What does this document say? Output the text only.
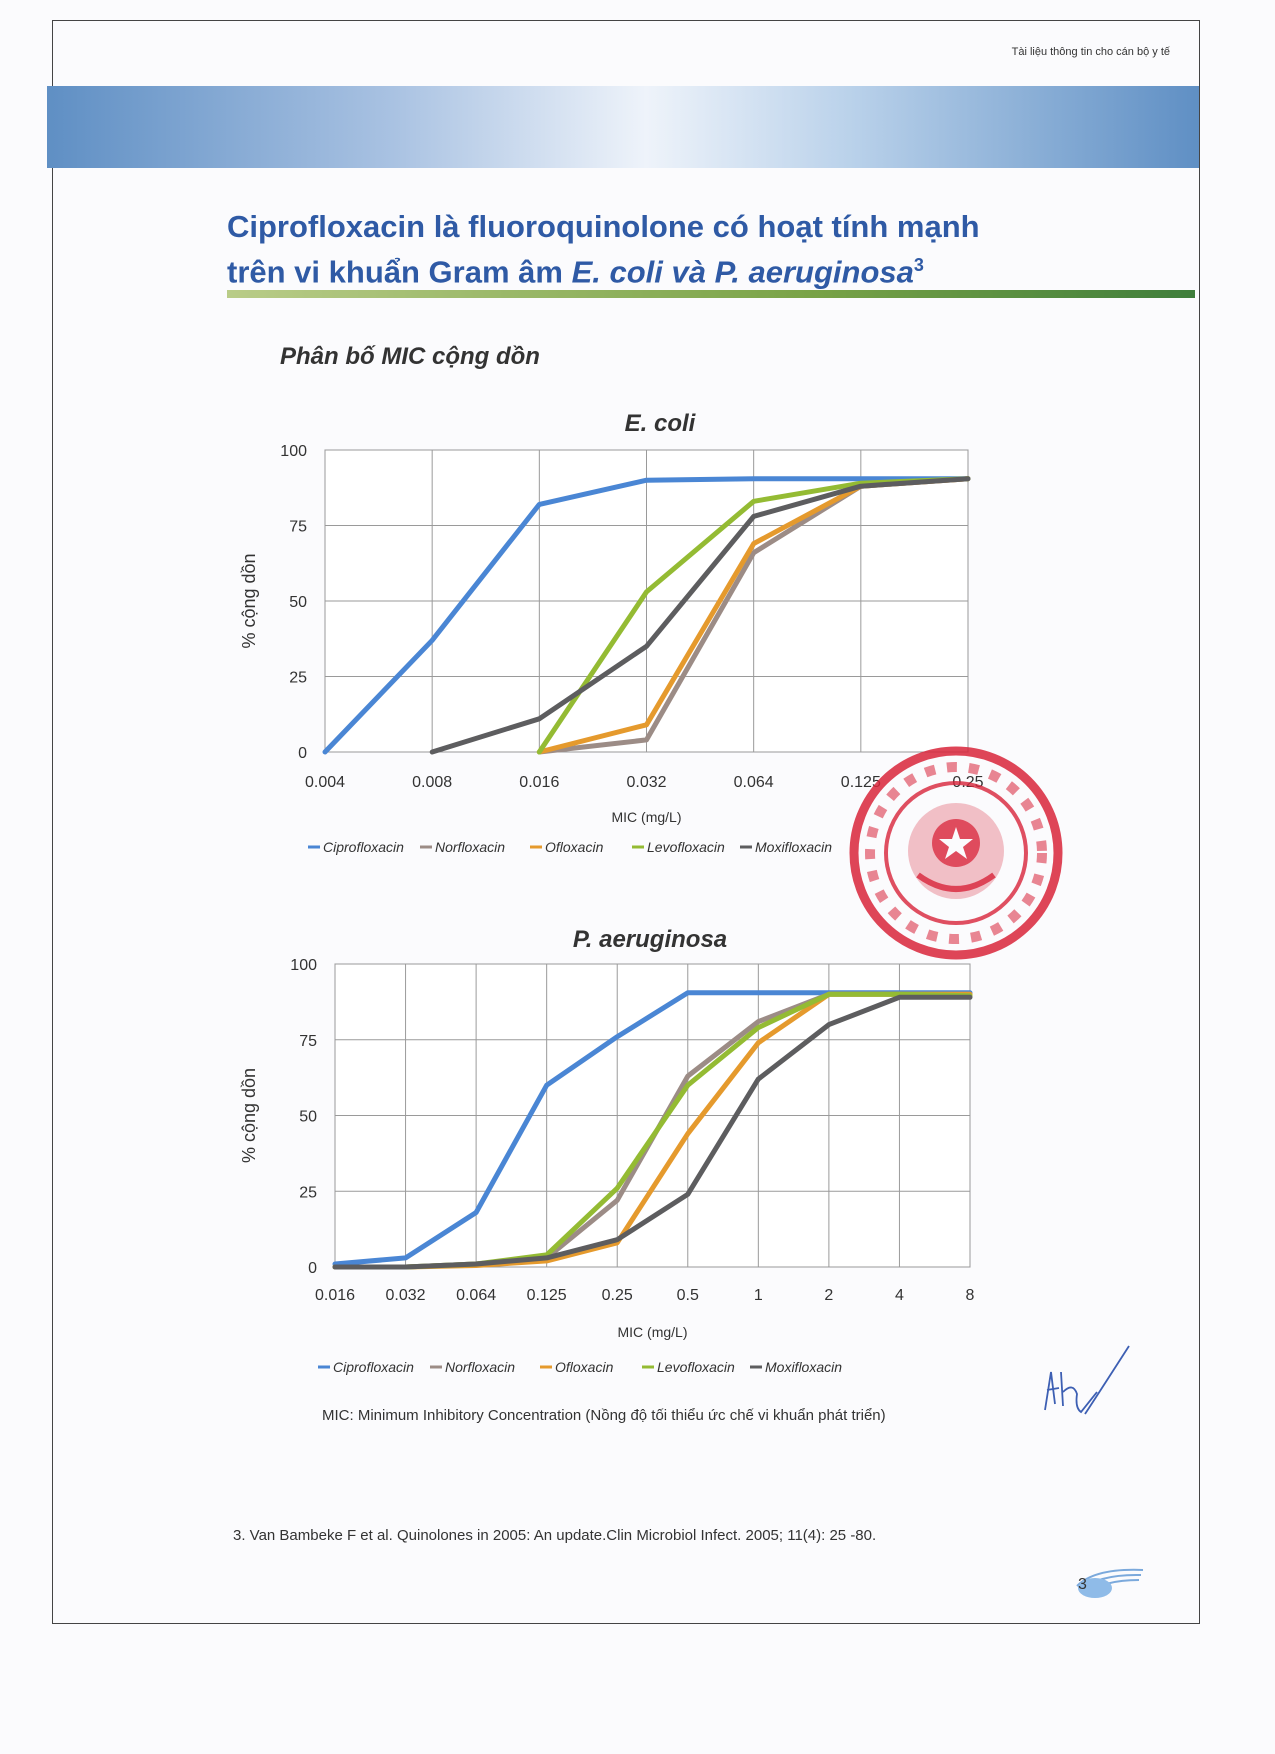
Tài liệu thông tin cho cán bộ y tế
Ciprofloxacin là fluoroquinolone có hoạt tính mạnh
trên vi khuẩn Gram âm E. coli và P. aeruginosa$^3$
Phân bố MIC cộng dồn
E. coli
P. aeruginosa
0
25
50
75
100
0.004	0.008	0.016	0.032	0.064	0.125	0.25
MIC (mg/L)
% cộng dồn
Ciprofloxacin Norfloxacin	Ofloxacin	Levofloxacin Moxifloxacin
0
25
50
75
100
0.016 0.032 0.064 0.125 0.25	0.5	1	2	4	8
MIC (mg/L)
% cộng dồn
Ciprofloxacin Norfloxacin	Ofloxacin	Levofloxacin Moxifloxacin
MIC: Minimum Inhibitory Concentration (Nồng độ tối thiểu ức chế vi khuẩn phát triển)
3. Van Bambeke F et al. Quinolones in 2005: An update.Clin Microbiol Infect. 2005; 11(4): 25 -80.
3
